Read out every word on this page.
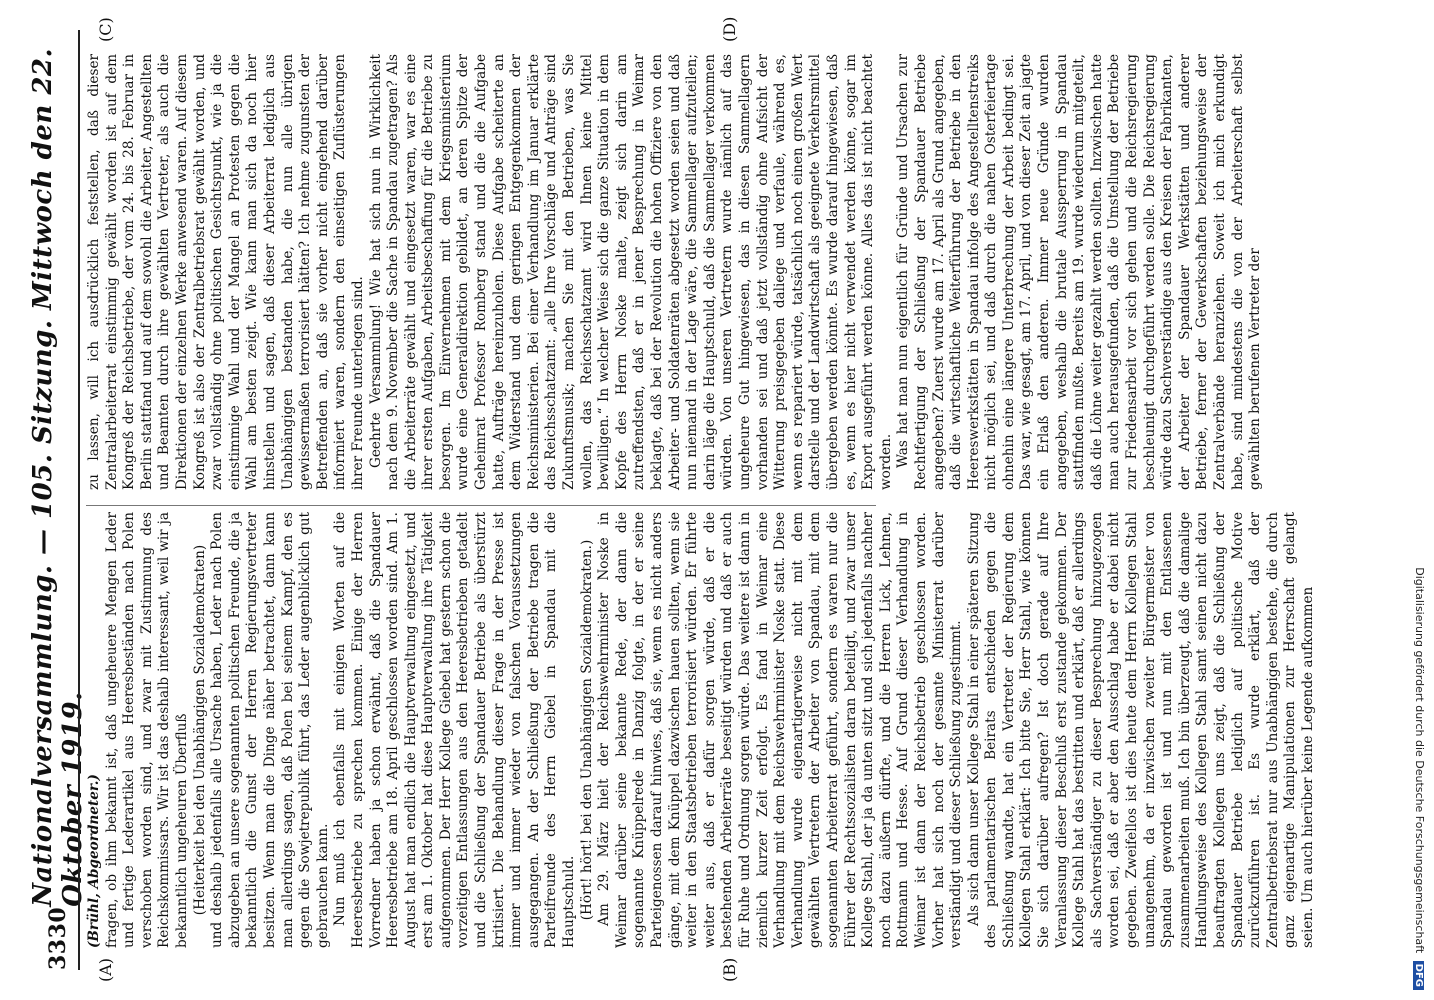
3330
Nationalversammlung. — 105. Sitzung. Mittwoch den 22. Oktober 1919.
(A)	(B)
(C)	(D)

(Brühl, Abgeordneter.) fragen, ob ihm bekannt ist, daß ungeheuere Mengen Leder und fertige Lederartikel aus Heeresbeständen nach Polen verschoben worden sind, und zwar mit Zustimmung des Reichskommissars. Wir ist das deshalb interessant, weil wir ja bekanntlich ungeheuren Überfluß (Heiterkeit bei den Unabhängigen Sozialdemokraten) und deshalb jedenfalls alle Ursache haben, Leder nach Polen abzugeben an unsere sogenannten politischen Freunde, die ja bekanntlich die Gunst der Herren Regierungsvertreter besitzen. Wenn man die Dinge näher betrachtet, dann kann man allerdings sagen, daß Polen bei seinem Kampf, den es gegen die Sowjetrepublik führt, das Leder augenblicklich gut gebrauchen kann. Nun muß ich ebenfalls mit einigen Worten auf die Heeresbetriebe zu sprechen kommen. Einige der Herren Vorredner haben ja schon erwähnt, daß die Spandauer Heeresbetriebe am 18. April geschlossen worden sind. Am 1. August hat man endlich die Hauptverwaltung eingesetzt, und erst am 1. Oktober hat diese Hauptverwaltung ihre Tätigkeit aufgenommen. Der Herr Kollege Giebel hat gestern schon die vorzeitigen Entlassungen aus den Heeresbetrieben getadelt und die Schließung der Spandauer Betriebe als überstürzt kritisiert. Die Behandlung dieser Frage in der Presse ist immer und immer wieder von falschen Voraussetzungen ausgegangen. An der Schließung der Betriebe tragen die Parteifreunde des Herrn Giebel in Spandau mit die Hauptschuld. (Hört! hört! bei den Unabhängigen Sozialdemokraten.) Am 29. März hielt der Reichswehrminister Noske in Weimar darüber seine bekannte Rede, der dann die sogenannte Knüppelrede in Danzig folgte, in der er seine Parteigenossen darauf hinwies, daß sie, wenn es nicht anders gänge, mit dem Knüppel dazwischen hauen sollten, wenn sie weiter in den Staatsbetrieben terrorisiert würden. Er führte weiter aus, daß er dafür sorgen würde, daß er die bestehenden Arbeiterräte beseitigt würden und daß er auch für Ruhe und Ordnung sorgen würde. Das weitere ist dann in ziemlich kurzer Zeit erfolgt. Es fand in Weimar eine Verhandlung mit dem Reichswehrminister Noske statt. Diese Verhandlung wurde eigenartigerweise nicht mit dem gewählten Vertretern der Arbeiter von Spandau, mit dem sogenannten Arbeiterrat geführt, sondern es waren nur die Führer der Rechtssozialisten daran beteiligt, und zwar unser Kollege Stahl, der ja da unten sitzt und sich jedenfalls nachher noch dazu äußern dürfte, und die Herren Lick, Lehnen, Rottmann und Hesse. Auf Grund dieser Verhandlung in Weimar ist dann der Reichsbetrieb geschlossen worden. Vorher hat sich noch der gesamte Ministerrat darüber verständigt und dieser Schließung zugestimmt. Als sich dann unser Kollege Stahl in einer späteren Sitzung des parlamentarischen Beirats entschieden gegen die Schließung wandte, hat ein Vertreter der Regierung dem Kollegen Stahl erklärt: Ich bitte Sie, Herr Stahl, wie können Sie sich darüber aufregen? Ist doch gerade auf Ihre Veranlassung dieser Beschluß erst zustande gekommen. Der Kollege Stahl hat das bestritten und erklärt, daß er allerdings als Sachverständiger zu dieser Besprechung hinzugezogen worden sei, daß er aber den Ausschlag habe er dabei nicht gegeben. Zweifellos ist dies heute dem Herrn Kollegen Stahl unangenehm, da er inzwischen zweiter Bürgermeister von Spandau geworden ist und nun mit den Entlassenen zusammenarbeiten muß. Ich bin überzeugt, daß die damalige Handlungsweise des Kollegen Stahl samt seinen nicht dazu beauftragten Kollegen uns zeigt, daß die Schließung der Spandauer Betriebe lediglich auf politische Motive zurückzuführen ist. Es wurde erklärt, daß der Zentralbetriebsrat nur aus Unabhängigen bestehe, die durch ganz eigenartige Manipulationen zur Herrschaft gelangt seien. Um auch hierüber keine Legende aufkommen

zu lassen, will ich ausdrücklich feststellen, daß dieser Zentralarbeiterrat einstimmig gewählt worden ist auf dem Kongreß der Reichsbetriebe, der vom 24. bis 28. Februar in Berlin stattfand und auf dem sowohl die Arbeiter, Angestellten und Beamten durch ihre gewählten Vertreter, als auch die Direktionen der einzelnen Werke anwesend waren. Auf diesem Kongreß ist also der Zentralbetriebsrat gewählt worden, und zwar vollständig ohne politischen Gesichtspunkt, wie ja die einstimmige Wahl und der Mangel an Protesten gegen die Wahl am besten zeigt. Wie kann man sich da noch hier hinstellen und sagen, daß dieser Arbeiterrat lediglich aus Unabhängigen bestanden habe, die nun alle übrigen gewissermaßen terrorisiert hätten? Ich nehme zugunsten der Betreffenden an, daß sie vorher nicht eingehend darüber informiert waren, sondern den einseitigen Zuflüsterungen ihrer Freunde unterlegen sind. Geehrte Versammlung! Wie hat sich nun in Wirklichkeit nach dem 9. November die Sache in Spandau zugetragen? Als die Arbeiterräte gewählt und eingesetzt waren, war es eine ihrer ersten Aufgaben, Arbeitsbeschaffung für die Betriebe zu besorgen. Im Einvernehmen mit dem Kriegsministerium wurde eine Generaldirektion gebildet, an deren Spitze der Geheimrat Professor Romberg stand und die die Aufgabe hatte, Aufträge hereinzuholen. Diese Aufgabe scheiterte an dem Widerstand und dem geringen Entgegenkommen der Reichsministerien. Bei einer Verhandlung im Januar erklärte das Reichsschatzamt: „alle Ihre Vorschläge und Anträge sind Zukunftsmusik; machen Sie mit den Betrieben, was Sie wollen, das Reichsschatzamt wird Ihnen keine Mittel bewilligen.“ In welcher Weise sich die ganze Situation in dem Kopfe des Herrn Noske malte, zeigt sich darin am zutreffendsten, daß er in jener Besprechung in Weimar beklagte, daß bei der Revolution die hohen Offiziere von den Arbeiter- und Soldatenräten abgesetzt worden seien und daß nun niemand in der Lage wäre, die Sammellager aufzuteilen; darin läge die Hauptschuld, daß die Sammellager verkommen würden. Von unseren Vertretern wurde nämlich auf das ungeheure Gut hingewiesen, das in diesen Sammellagern vorhanden sei und daß jetzt vollständig ohne Aufsicht der Witterung preisgegeben daliege und verfaule, während es, wenn es repariert würde, tatsächlich noch einen großen Wert darstelle und der Landwirtschaft als geeignete Verkehrsmittel übergeben werden könnte. Es wurde darauf hingewiesen, daß es, wenn es hier nicht verwendet werden könne, sogar im Export ausgeführt werden könne. Alles das ist nicht beachtet worden. Was hat man nun eigentlich für Gründe und Ursachen zur Rechtfertigung der Schließung der Spandauer Betriebe angegeben? Zuerst wurde am 17. April als Grund angegeben, daß die wirtschaftliche Weiterführung der Betriebe in den Heereswerkstätten in Spandau infolge des Angestelltenstreiks nicht möglich sei, und daß durch die nahen Osterfeiertage ohnehin eine längere Unterbrechung der Arbeit bedingt sei. Das war, wie gesagt, am 17. April, und von dieser Zeit an jagte ein Erlaß den anderen. Immer neue Gründe wurden angegeben, weshalb die brutale Aussperrung in Spandau stattfinden mußte. Bereits am 19. wurde wiederum mitgeteilt, daß die Löhne weiter gezahlt werden sollten. Inzwischen hatte man auch herausgefunden, daß die Umstellung der Betriebe zur Friedensarbeit vor sich gehen und die Reichsregierung beschleunigt durchgeführt werden solle. Die Reichsregierung würde dazu Sachverständige aus den Kreisen der Fabrikanten, der Arbeiter der Spandauer Werkstätten und anderer Betriebe, ferner der Gewerkschaften beziehungsweise der Zentralverbände heranziehen. Soweit ich mich erkundigt habe, sind mindestens die von der Arbeiterschaft selbst gewählten berufenen Vertreter der

Digitalisierung gefördert durch die Deutsche Forschungsgemeinschaft DFG
